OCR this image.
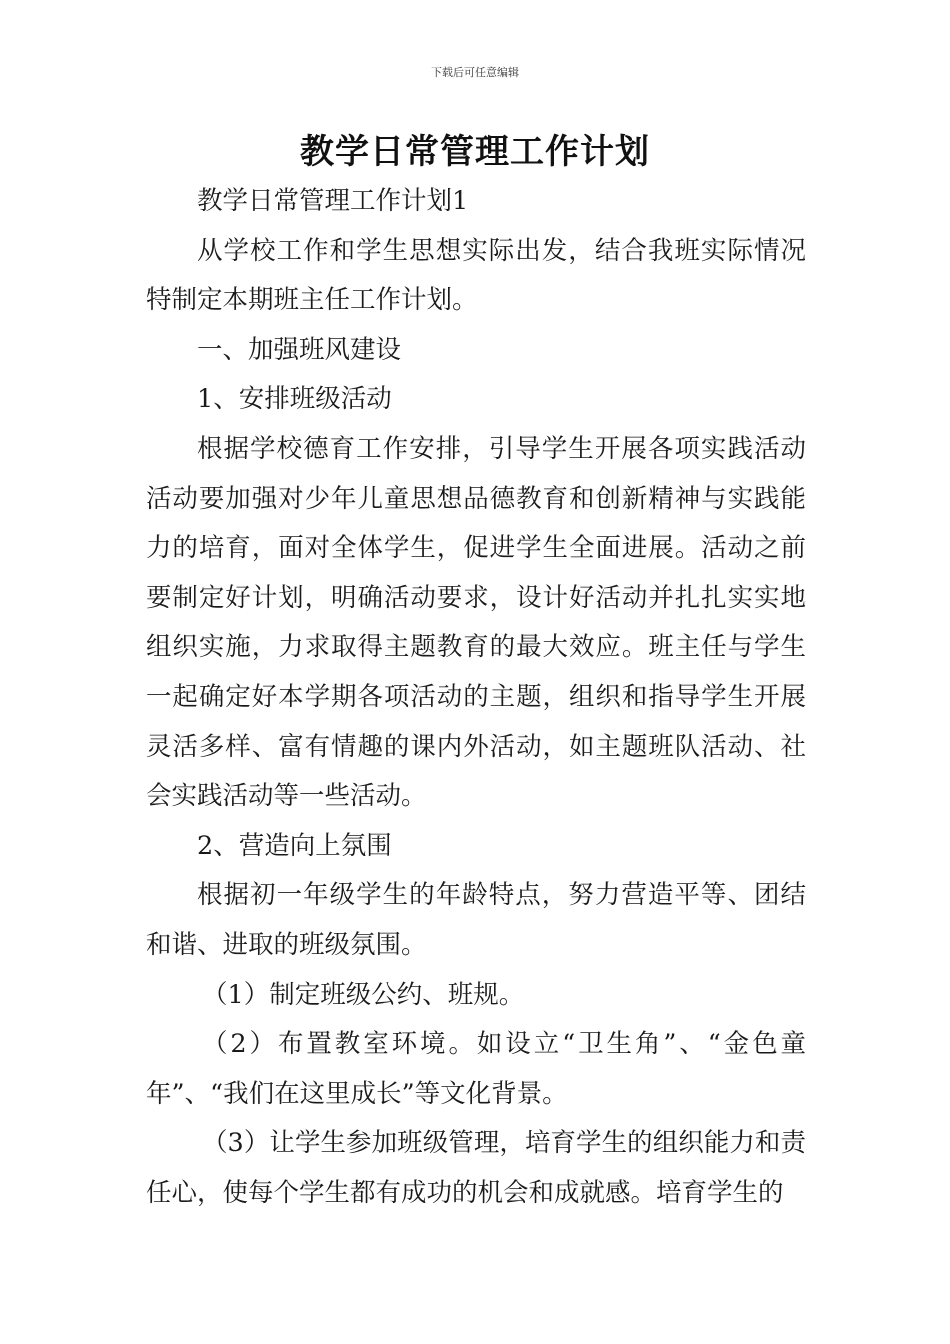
下载后可任意编辑
教学日常管理工作计划

教学日常管理工作计划1

从学校工作和学生思想实际出发，结合我班实际情况特制定本期班主任工作计划。

一、加强班风建设

1、安排班级活动

根据学校德育工作安排，引导学生开展各项实践活动活动要加强对少年儿童思想品德教育和创新精神与实践能力的培育，面对全体学生，促进学生全面进展。活动之前要制定好计划，明确活动要求，设计好活动并扎扎实实地组织实施，力求取得主题教育的最大效应。班主任与学生一起确定好本学期各项活动的主题，组织和指导学生开展灵活多样、富有情趣的课内外活动，如主题班队活动、社会实践活动等一些活动。

2、营造向上氛围

根据初一年级学生的年龄特点，努力营造平等、团结和谐、进取的班级氛围。

（1）制定班级公约、班规。

（2）布置教室环境。如设立“卫生角”、“金色童年”、“我们在这里成长”等文化背景。

（3）让学生参加班级管理，培育学生的组织能力和责任心，使每个学生都有成功的机会和成就感。培育学生的
